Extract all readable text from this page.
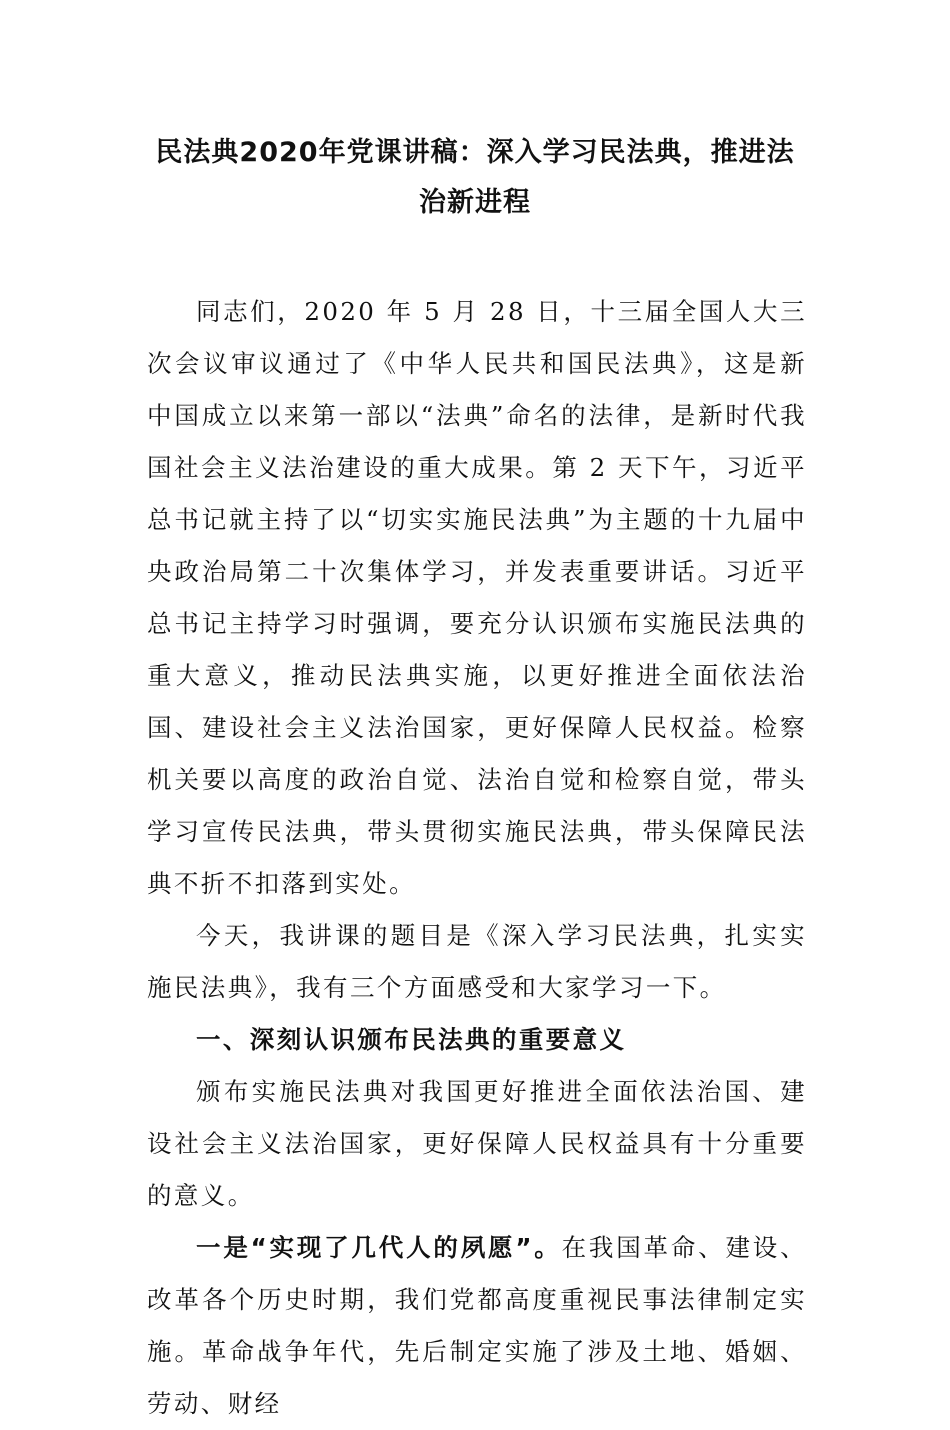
民法典2020年党课讲稿：深入学习民法典，推进法
治新进程

同志们，2020 年 5 月 28 日，十三届全国人大三次会议审议通过了《中华人民共和国民法典》，这是新中国成立以来第一部以“法典”命名的法律，是新时代我国社会主义法治建设的重大成果。第 2 天下午，习近平总书记就主持了以“切实实施民法典”为主题的十九届中央政治局第二十次集体学习，并发表重要讲话。习近平总书记主持学习时强调，要充分认识颁布实施民法典的重大意义，推动民法典实施，以更好推进全面依法治国、建设社会主义法治国家，更好保障人民权益。检察机关要以高度的政治自觉、法治自觉和检察自觉，带头学习宣传民法典，带头贯彻实施民法典，带头保障民法典不折不扣落到实处。

今天，我讲课的题目是《深入学习民法典，扎实实施民法典》，我有三个方面感受和大家学习一下。

一、深刻认识颁布民法典的重要意义

颁布实施民法典对我国更好推进全面依法治国、建设社会主义法治国家，更好保障人民权益具有十分重要的意义。

一是“实现了几代人的夙愿”。在我国革命、建设、改革各个历史时期，我们党都高度重视民事法律制定实施。革命战争年代，先后制定实施了涉及土地、婚姻、劳动、财经
